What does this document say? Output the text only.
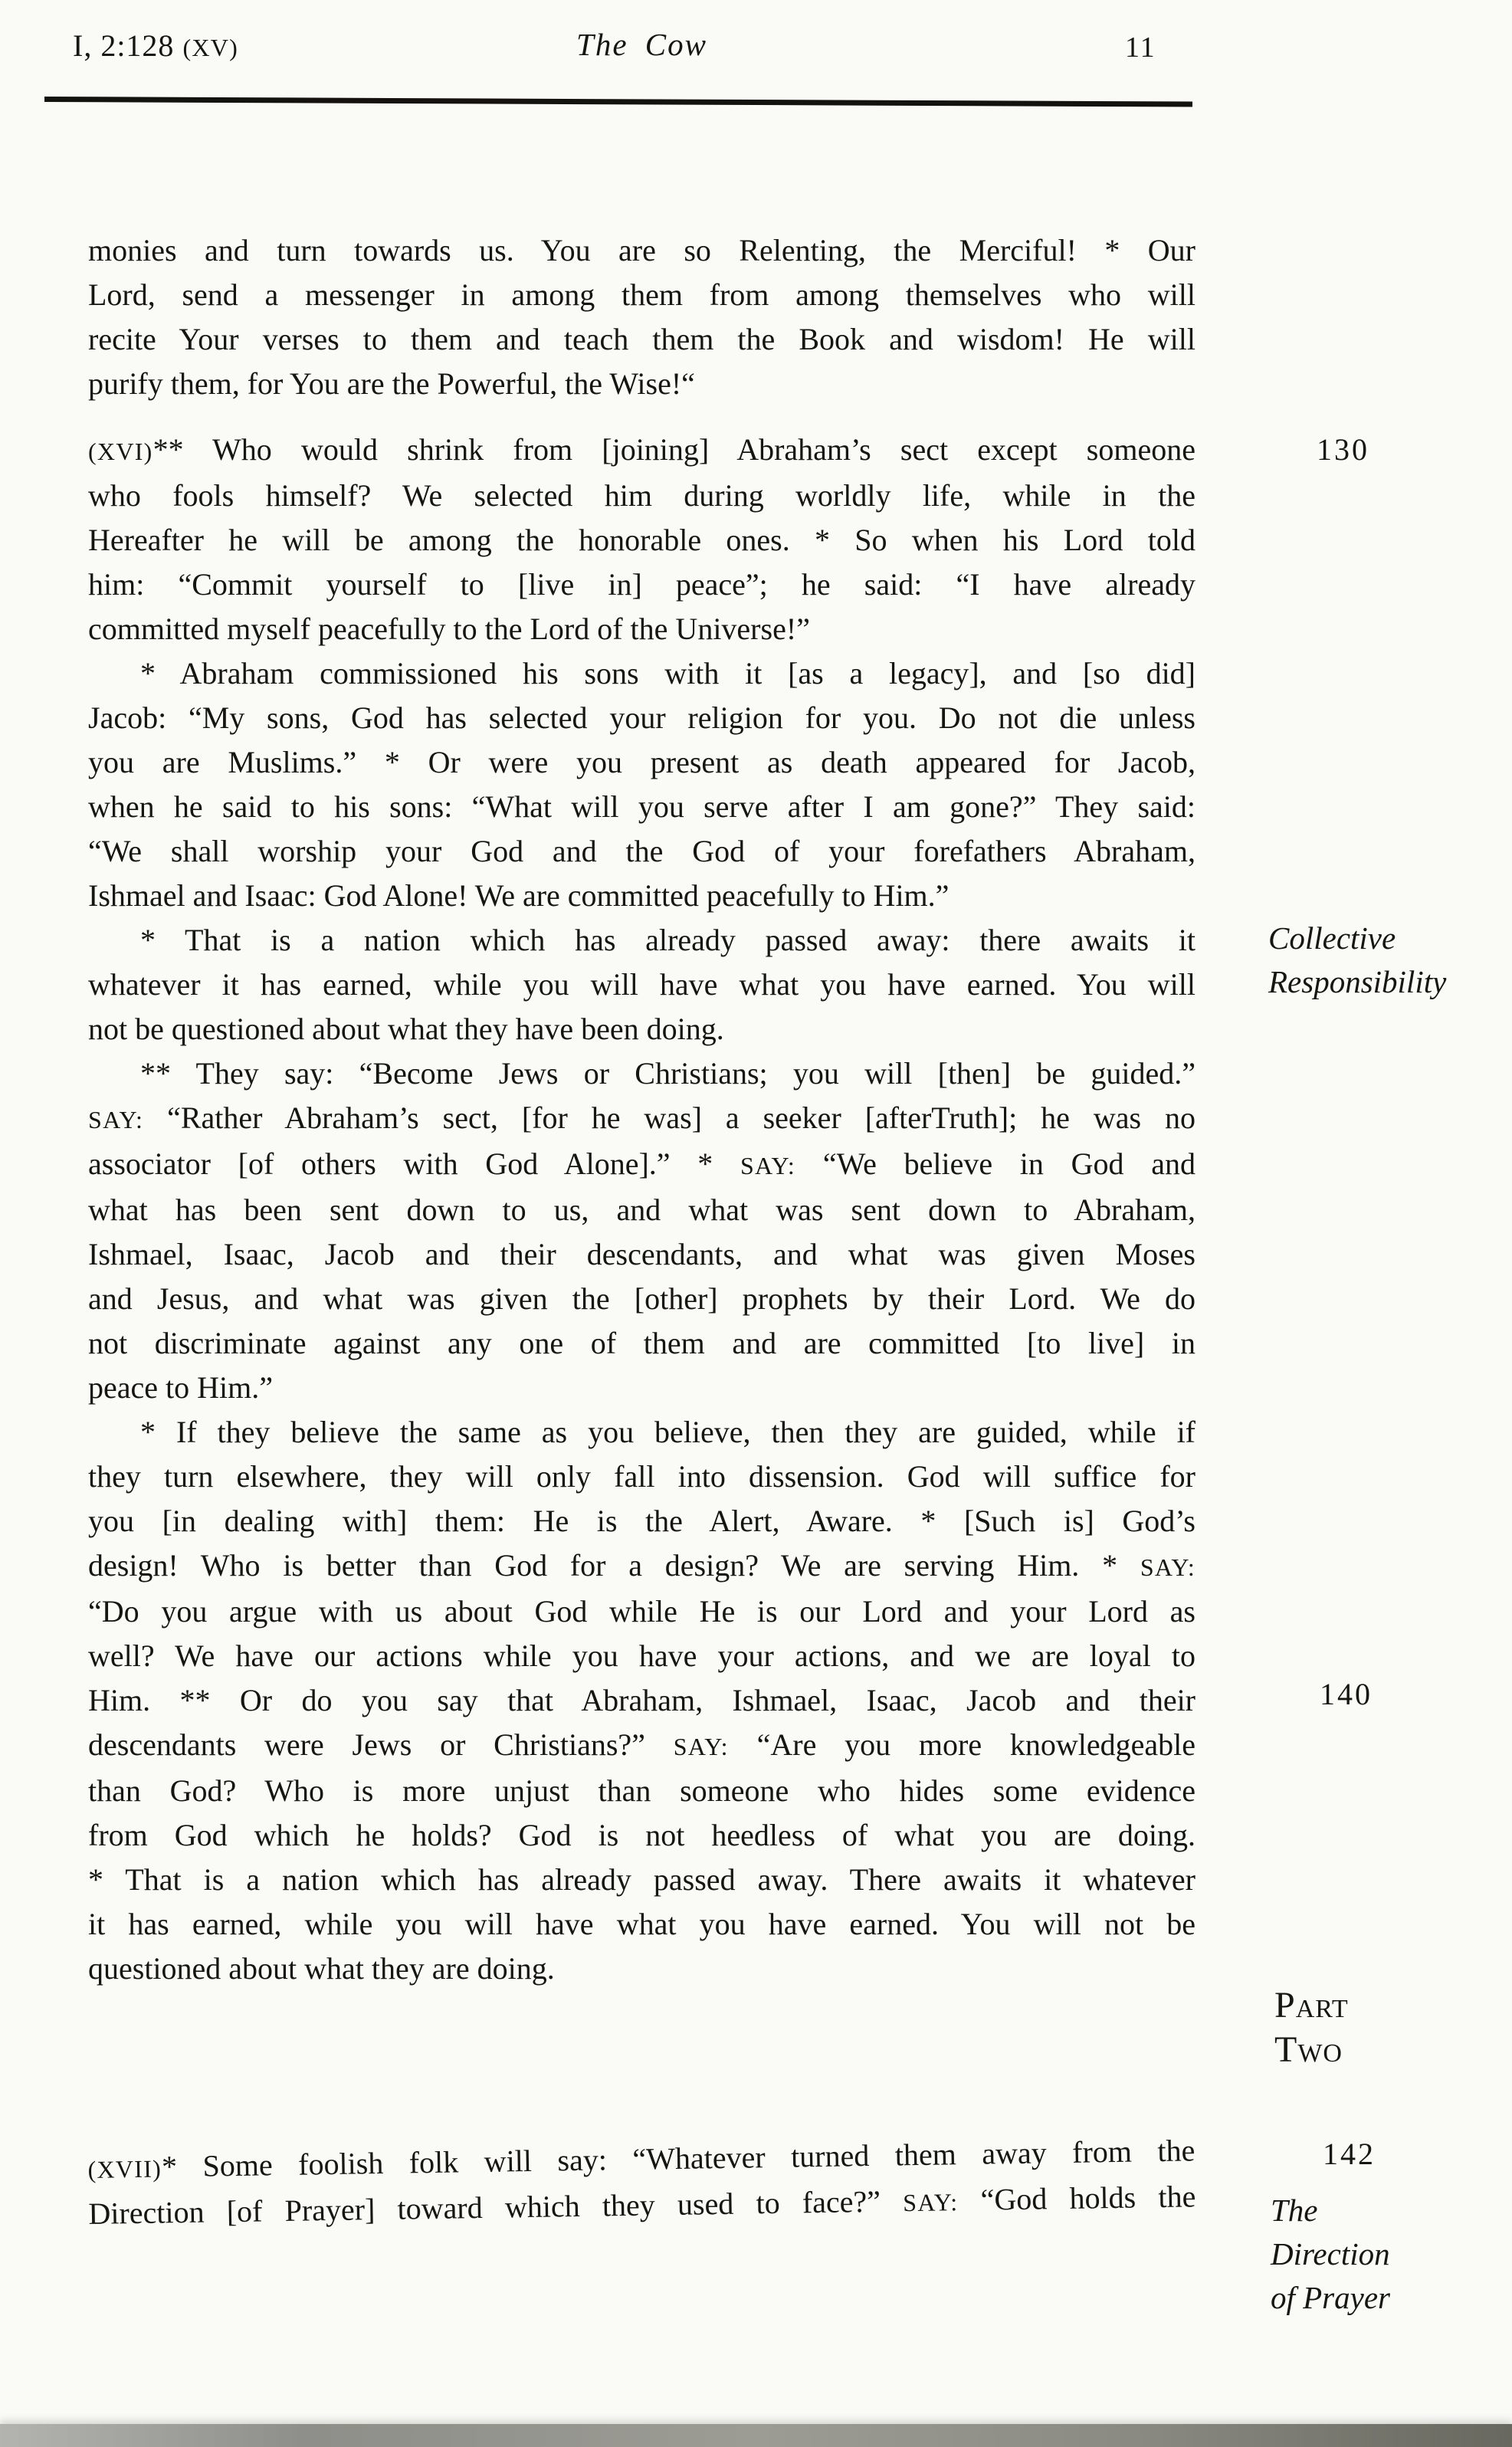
I, 2:128 (XV)	The Cow	11
monies and turn towards us. You are so Relenting, the Merciful! * Our
Lord, send a messenger in among them from among themselves who will
recite Your verses to them and teach them the Book and wisdom! He will
purify them, for You are the Powerful, the Wise!“
(XVI)** Who would shrink from [joining] Abraham’s sect except someone
who fools himself? We selected him during worldly life, while in the
Hereafter he will be among the honorable ones. * So when his Lord told
him: “Commit yourself to [live in] peace”; he said: “I have already
committed myself peacefully to the Lord of the Universe!”
* Abraham commissioned his sons with it [as a legacy], and [so did]
Jacob: “My sons, God has selected your religion for you. Do not die unless
you are Muslims.” * Or were you present as death appeared for Jacob,
when he said to his sons: “What will you serve after I am gone?” They said:
“We shall worship your God and the God of your forefathers Abraham,
Ishmael and Isaac: God Alone! We are committed peacefully to Him.”
* That is a nation which has already passed away: there awaits it
whatever it has earned, while you will have what you have earned. You will
not be questioned about what they have been doing.
** They say: “Become Jews or Christians; you will [then] be guided.”
SAY: “Rather Abraham’s sect, [for he was] a seeker [afterTruth]; he was no
associator [of others with God Alone].” * SAY: “We believe in God and
what has been sent down to us, and what was sent down to Abraham,
Ishmael, Isaac, Jacob and their descendants, and what was given Moses
and Jesus, and what was given the [other] prophets by their Lord. We do
not discriminate against any one of them and are committed [to live] in
peace to Him.”
* If they believe the same as you believe, then they are guided, while if
they turn elsewhere, they will only fall into dissension. God will suffice for
you [in dealing with] them: He is the Alert, Aware. * [Such is] God’s
design! Who is better than God for a design? We are serving Him. * SAY:
“Do you argue with us about God while He is our Lord and your Lord as
well? We have our actions while you have your actions, and we are loyal to
Him. ** Or do you say that Abraham, Ishmael, Isaac, Jacob and their
descendants were Jews or Christians?” SAY: “Are you more knowledgeable
than God? Who is more unjust than someone who hides some evidence
from God which he holds? God is not heedless of what you are doing.
* That is a nation which has already passed away. There awaits it whatever
it has earned, while you will have what you have earned. You will not be
questioned about what they are doing.
(XVII)* Some foolish folk will say: “Whatever turned them away from the
Direction [of Prayer] toward which they used to face?” SAY: “God holds the
130
Collective
Responsibility
140
Part
Two
142
The
Direction
of Prayer
